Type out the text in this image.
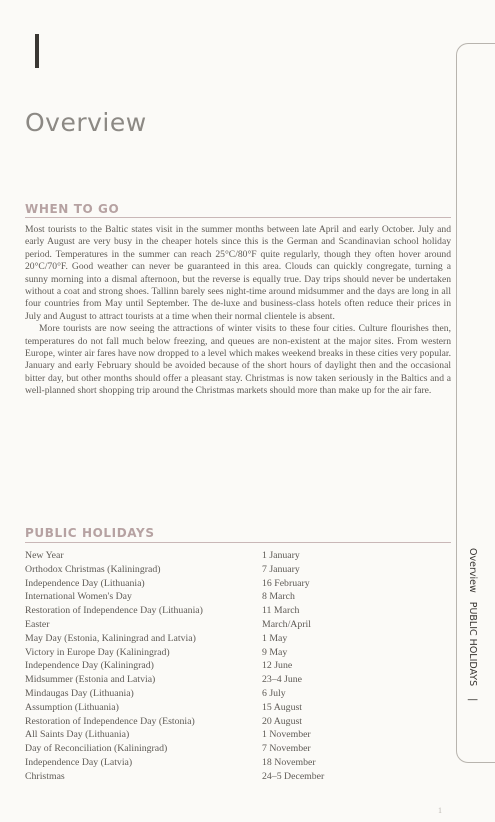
Overview
WHEN TO GO

Most tourists to the Baltic states visit in the summer months between late April and early October. July and early August are very busy in the cheaper hotels since this is the German and Scandinavian school holiday period. Temperatures in the summer can reach 25°C/80°F quite regularly, though they often hover around 20°C/70°F. Good weather can never be guaranteed in this area. Clouds can quickly congregate, turning a sunny morning into a dismal afternoon, but the reverse is equally true. Day trips should never be undertaken without a coat and strong shoes. Tallinn barely sees night-time around midsummer and the days are long in all four countries from May until September. The de-luxe and business-class hotels often reduce their prices in July and August to attract tourists at a time when their normal clientele is absent.

More tourists are now seeing the attractions of winter visits to these four cities. Culture flourishes then, temperatures do not fall much below freezing, and queues are non-existent at the major sites. From western Europe, winter air fares have now dropped to a level which makes weekend breaks in these cities very popular. January and early February should be avoided because of the short hours of daylight then and the occasional bitter day, but other months should offer a pleasant stay. Christmas is now taken seriously in the Baltics and a well-planned short shopping trip around the Christmas markets should more than make up for the air fare.

PUBLIC HOLIDAYS
New Year	1 January
Orthodox Christmas (Kaliningrad)	7 January
Independence Day (Lithuania)	16 February
International Women's Day	8 March
Restoration of Independence Day (Lithuania)	11 March
Easter	March/April
May Day (Estonia, Kaliningrad and Latvia)	1 May
Victory in Europe Day (Kaliningrad)	9 May
Independence Day (Kaliningrad)	12 June
Midsummer (Estonia and Latvia)	23–4 June
Mindaugas Day (Lithuania)	6 July
Assumption (Lithuania)	15 August
Restoration of Independence Day (Estonia)	20 August
All Saints Day (Lithuania)	1 November
Day of Reconciliation (Kaliningrad)	7 November
Independence Day (Latvia)	18 November
Christmas	24–5 December
OverviewPUBLIC HOLIDAYS|
1
